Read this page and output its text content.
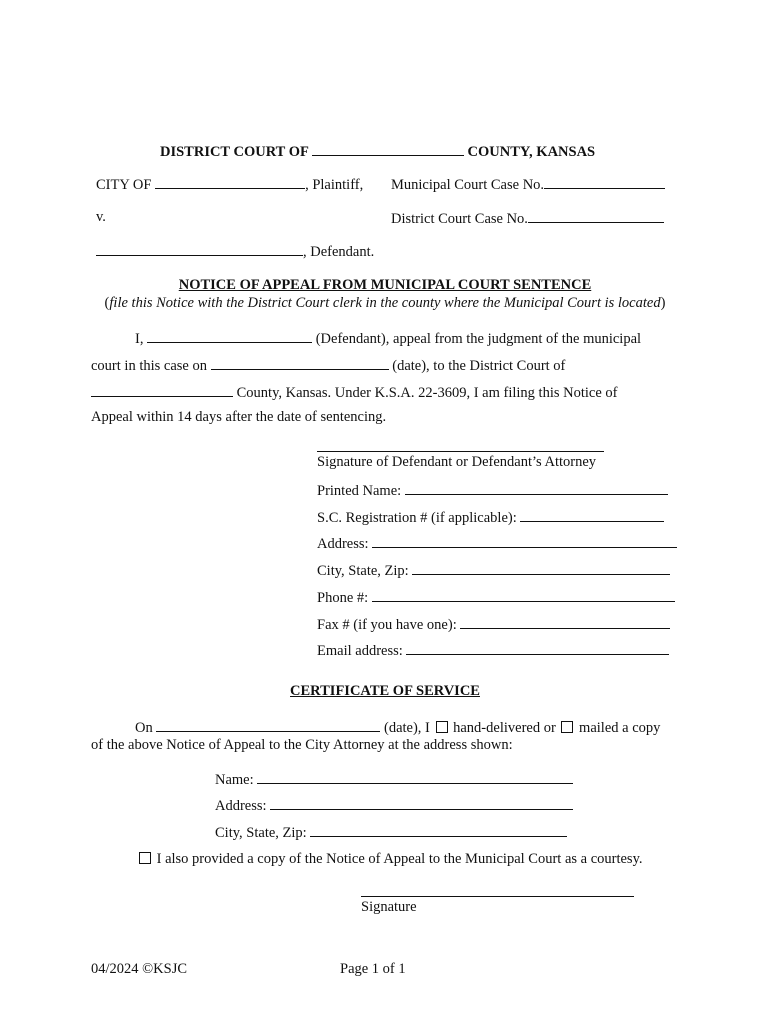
DISTRICT COURT OF	COUNTY, KANSAS
CITY OF	, Plaintiff, Municipal Court Case No.
v.	District Court Case No.
, Defendant.
NOTICE OF APPEAL FROM MUNICIPAL COURT SENTENCE
(file this Notice with the District Court clerk in the county where the Municipal Court is located)
I,	(Defendant), appeal from the judgment of the municipal
court in this case on	(date), to the District Court of
County, Kansas. Under K.S.A. 22-3609, I am filing this Notice of
Appeal within 14 days after the date of sentencing.
Signature of Defendant or Defendant’s Attorney
Printed Name:
S.C. Registration # (if applicable):
Address:
City, State, Zip:
Phone #:
Fax # (if you have one):
Email address:
CERTIFICATE OF SERVICE
On	(date), I hand-delivered or mailed a copy
of the above Notice of Appeal to the City Attorney at the address shown:
Name:
Address:
City, State, Zip:
I also provided a copy of the Notice of Appeal to the Municipal Court as a courtesy.
Signature
04/2024 ©KSJC	Page 1 of 1
